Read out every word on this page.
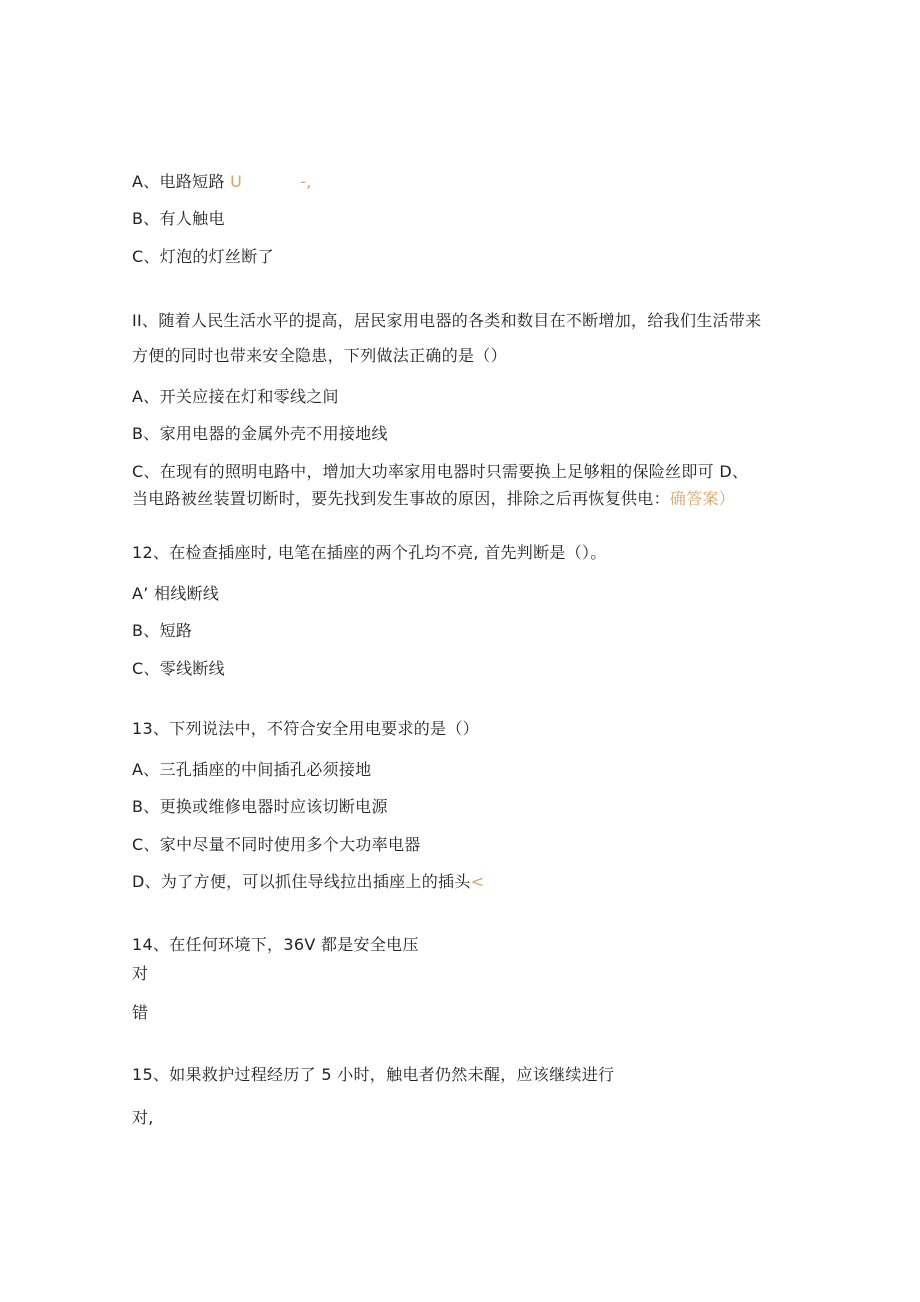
A、电路短路 U	-,
B、有人触电
C、灯泡的灯丝断了
II、随着人民生活水平的提高，居民家用电器的各类和数目在不断增加，给我们生活带来
方便的同时也带来安全隐患，下列做法正确的是（）
A、开关应接在灯和零线之间
B、家用电器的金属外壳不用接地线
C、在现有的照明电路中，增加大功率家用电器时只需要换上足够粗的保险丝即可 D、
当电路被丝装置切断时，要先找到发生事故的原因，排除之后再恢复供电：确答案）
12、在检查插座时, 电笔在插座的两个孔均不亮, 首先判断是（）。
A’ 相线断线
B、短路
C、零线断线
13、下列说法中，不符合安全用电要求的是（）
A、三孔插座的中间插孔必须接地
B、更换或维修电器时应该切断电源
C、家中尽量不同时使用多个大功率电器
D、为了方便，可以抓住导线拉出插座上的插头<
14、在任何环境下，36V 都是安全电压
对
错
15、如果救护过程经历了 5 小时，触电者仍然未醒，应该继续进行
对,
